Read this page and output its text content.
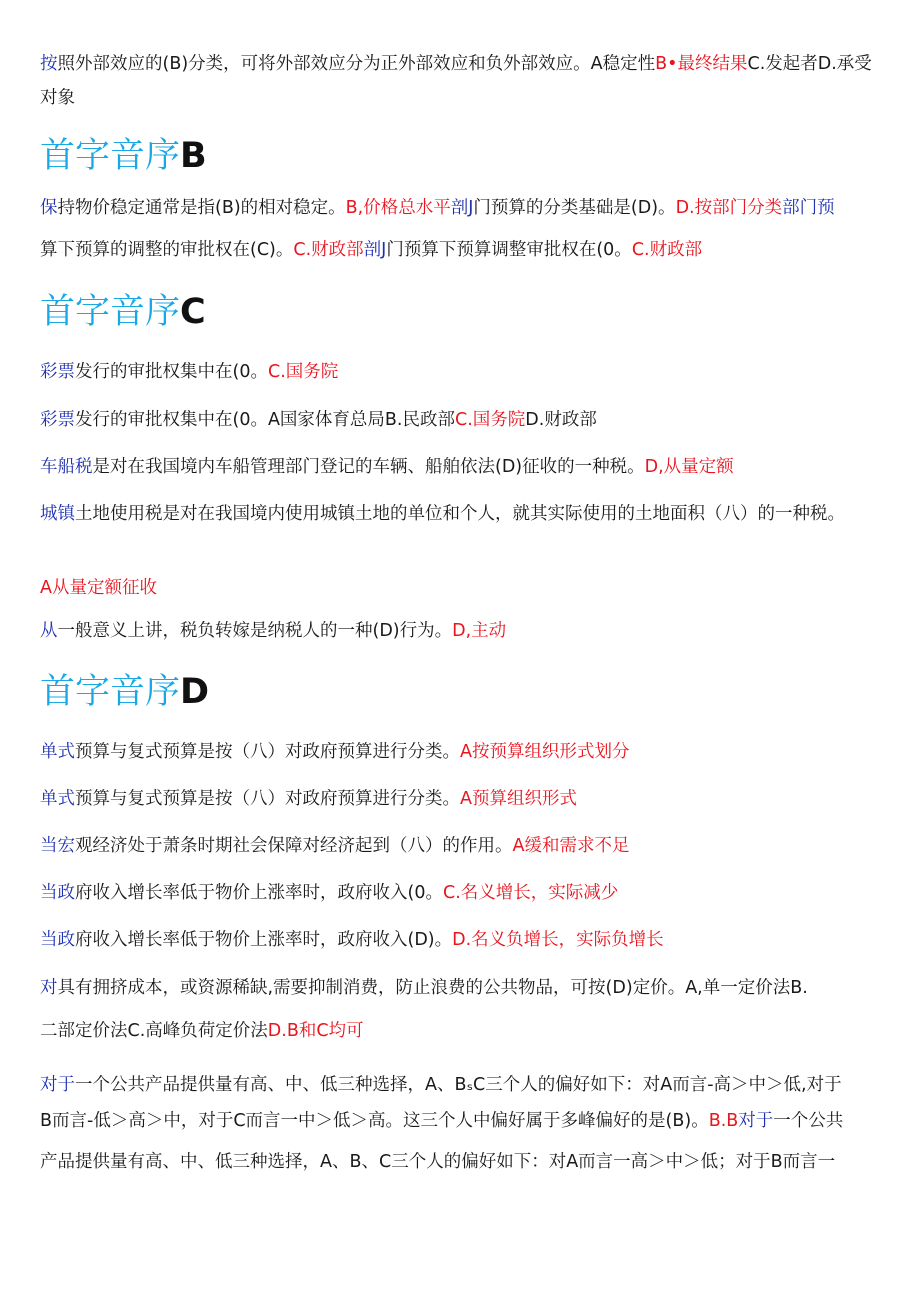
按照外部效应的(B)分类，可将外部效应分为正外部效应和负外部效应。A稳定性B•最终结果C.发起者D.承受对象
首字音序B
保持物价稳定通常是指(B)的相对稳定。B,价格总水平剖J门预算的分类基础是(D)。D.按部门分类部门预
算下预算的调整的审批权在(C)。C.财政部剖J门预算下预算调整审批权在(0。C.财政部
首字音序C
彩票发行的审批权集中在(0。C.国务院
彩票发行的审批权集中在(0。A国家体育总局B.民政部C.国务院D.财政部
车船税是对在我国境内车船管理部门登记的车辆、船舶依法(D)征收的一种税。D,从量定额
城镇土地使用税是对在我国境内使用城镇土地的单位和个人，就其实际使用的土地面积（八）的一种税。
A从量定额征收
从一般意义上讲，税负转嫁是纳税人的一种(D)行为。D,主动
首字音序D
单式预算与复式预算是按（八）对政府预算进行分类。A按预算组织形式划分
单式预算与复式预算是按（八）对政府预算进行分类。A预算组织形式
当宏观经济处于萧条时期社会保障对经济起到（八）的作用。A缓和需求不足
当政府收入增长率低于物价上涨率时，政府收入(0。C.名义增长，实际减少
当政府收入增长率低于物价上涨率时，政府收入(D)。D.名义负增长，实际负增长
对具有拥挤成本，或资源稀缺,需要抑制消费，防止浪费的公共物品，可按(D)定价。A,单一定价法B.
二部定价法C.高峰负荷定价法D.B和C均可
对于一个公共产品提供量有高、中、低三种选择，A、BₛC三个人的偏好如下：对A而言-高＞中＞低,对于
B而言-低＞高＞中，对于C而言一中＞低＞高。这三个人中偏好属于多峰偏好的是(B)。B.B对于一个公共
产品提供量有高、中、低三种选择，A、B、C三个人的偏好如下：对A而言一高＞中＞低；对于B而言一
